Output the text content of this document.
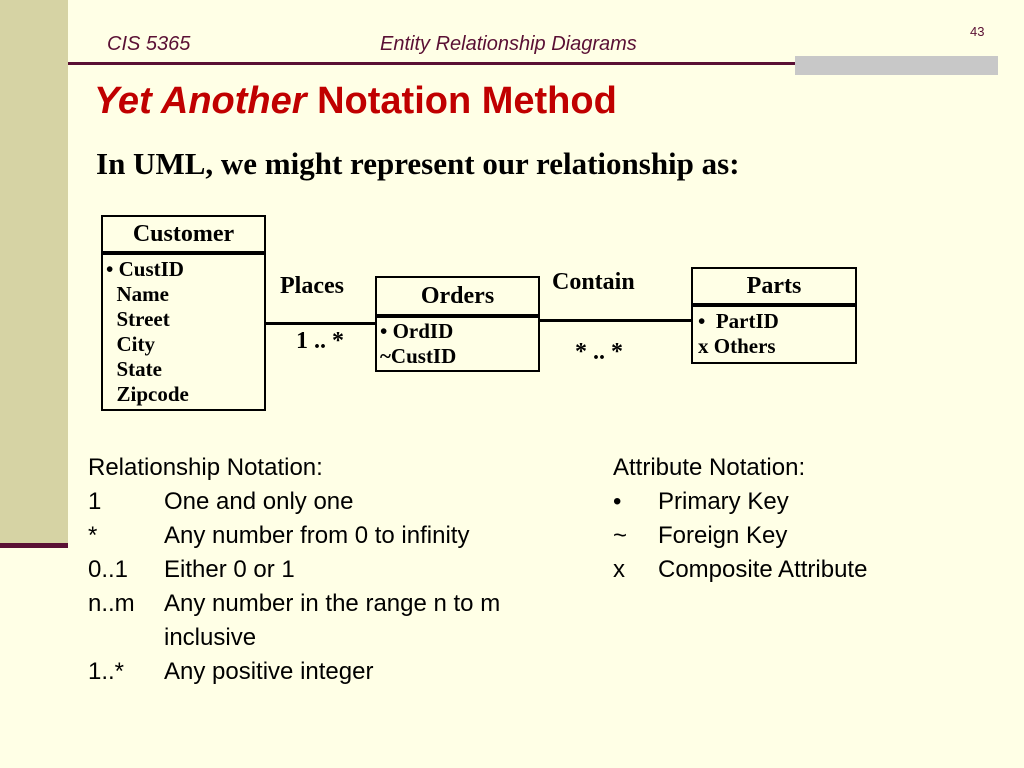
CIS 5365	Entity Relationship Diagrams
43
Yet Another Notation Method
In UML, we might represent our relationship as:
Customer
• CustID
Name
Street
City
State
Zipcode
Orders
• OrdID
~CustID
Parts
•  PartID
x Others
Places
1 .. *
Contain
* .. *
Relationship Notation:
1	One and only one
*	Any number from 0 to infinity
0..1	Either 0 or 1
n..m	Any number in the range n to m inclusive
1..*	Any positive integer
Attribute Notation:
•	Primary Key
~	Foreign Key
x	Composite Attribute
